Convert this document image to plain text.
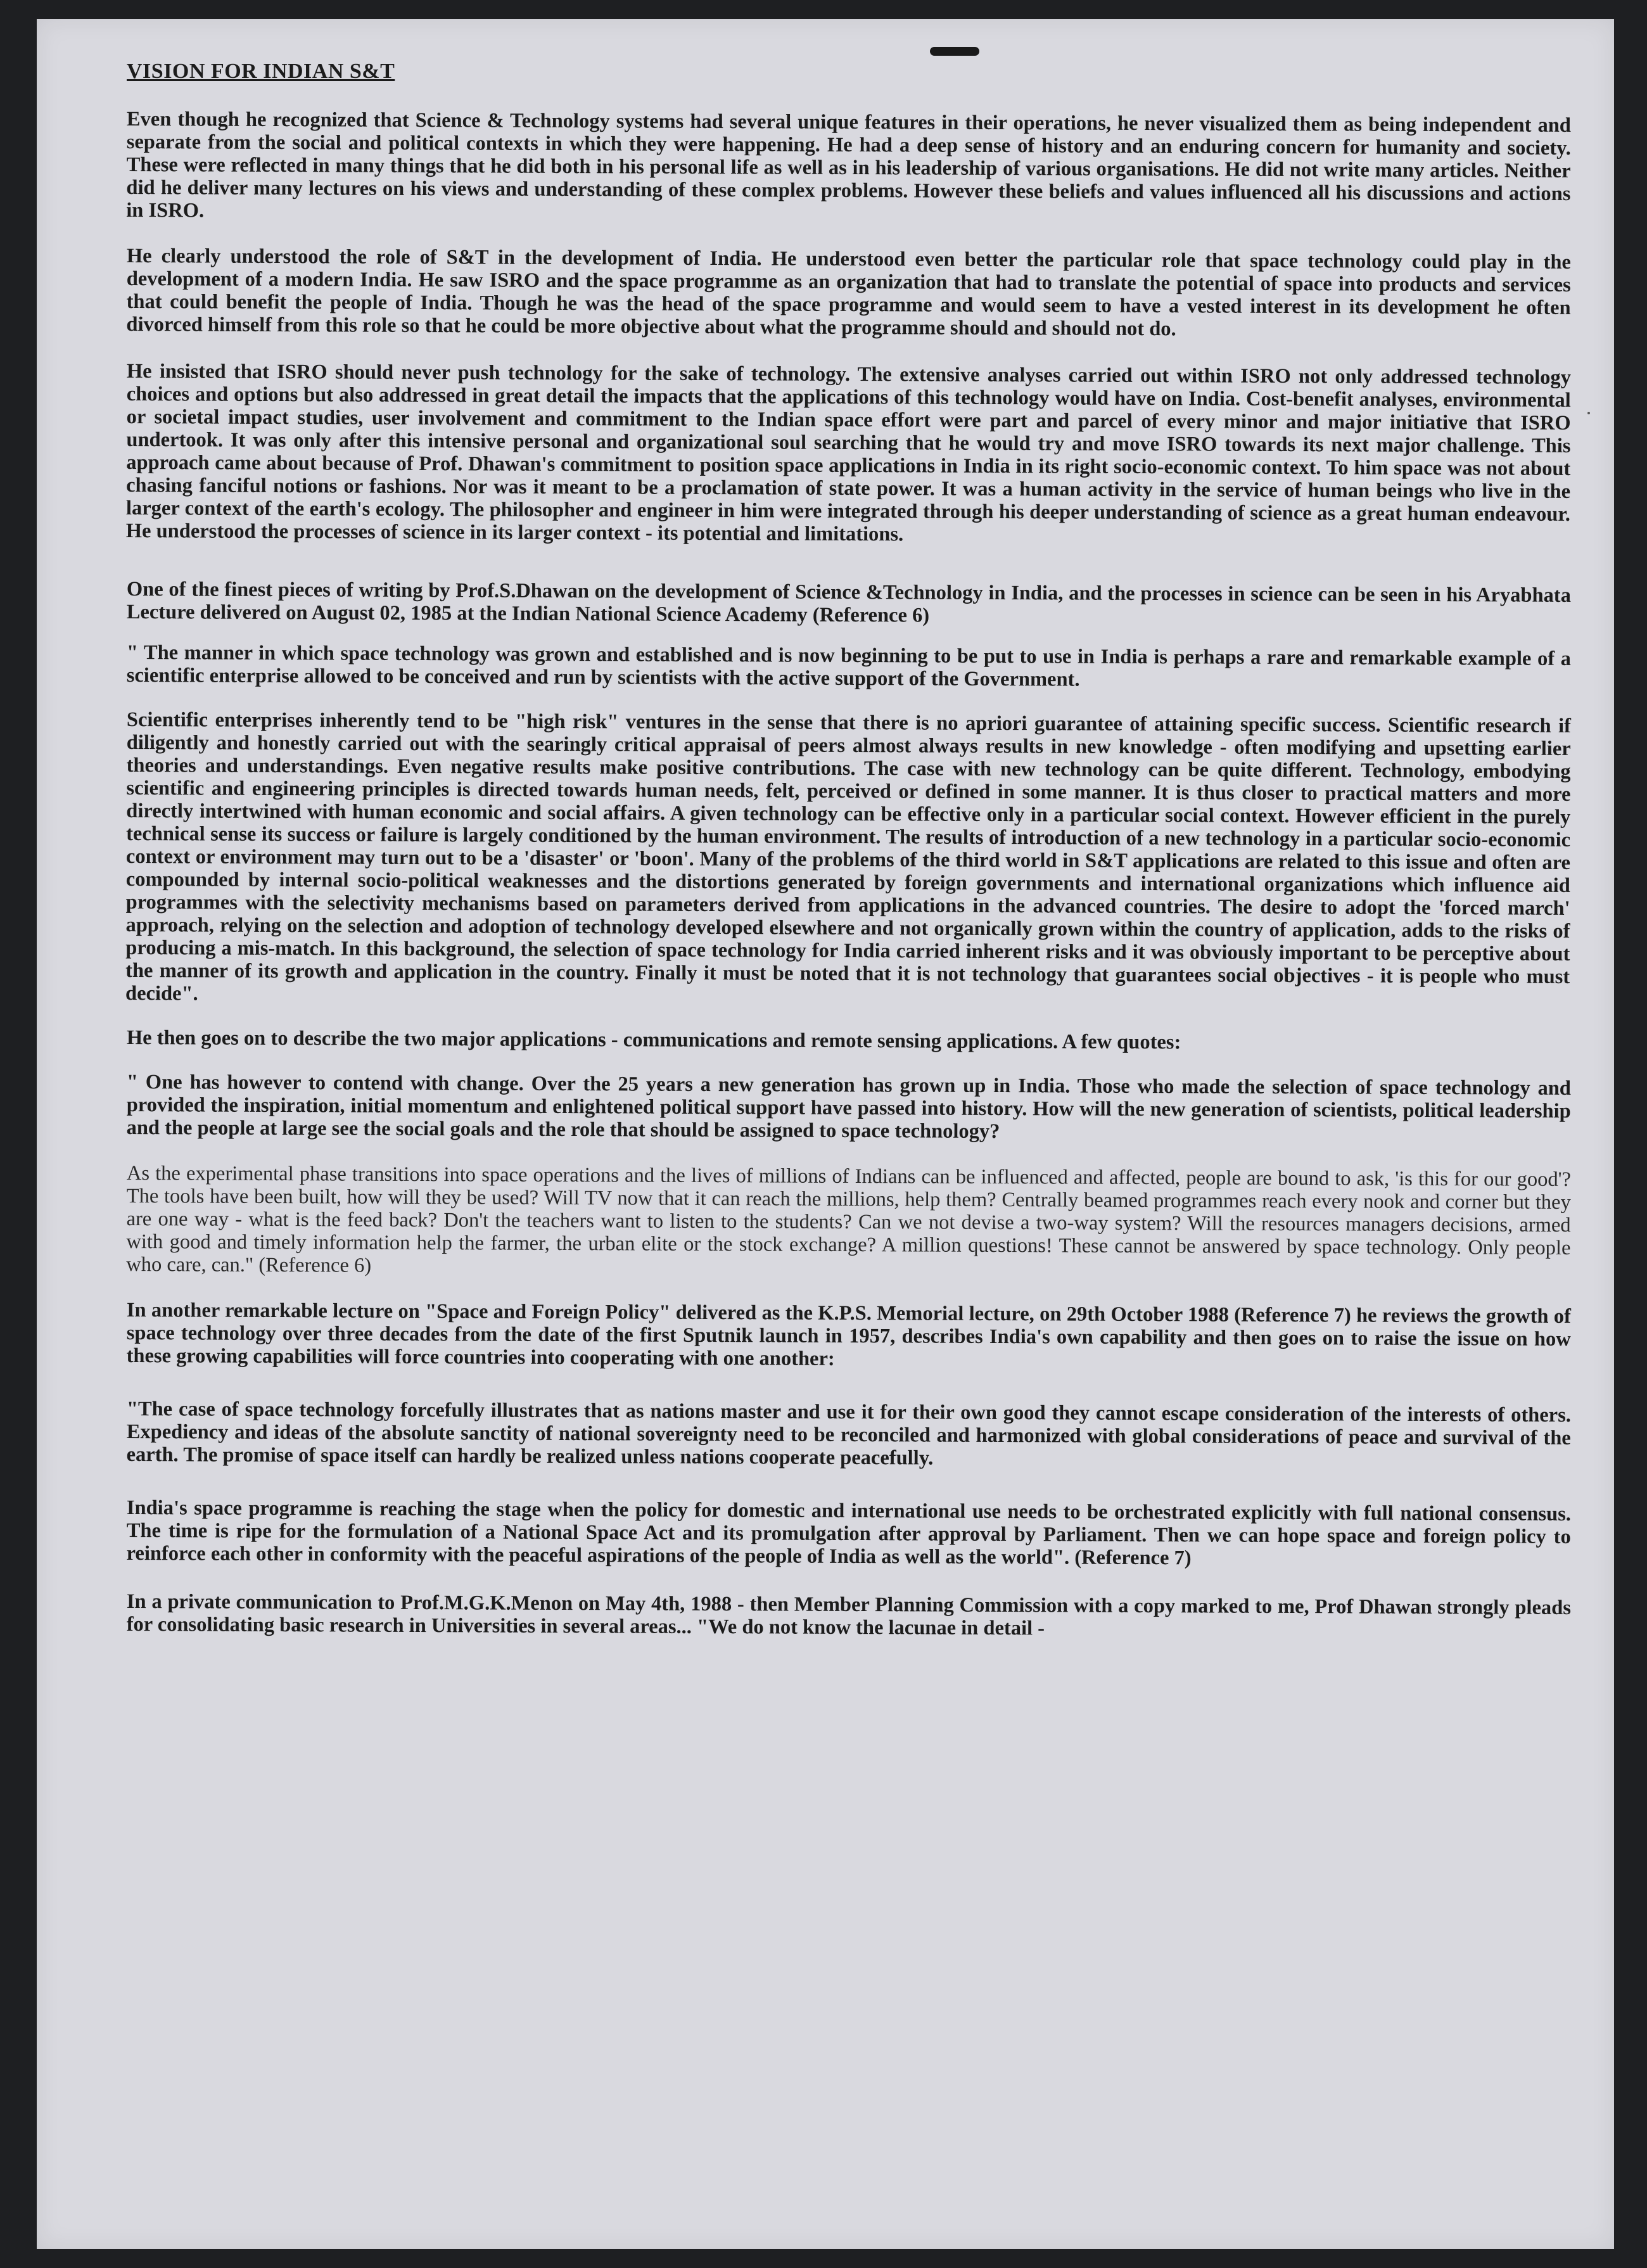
VISION FOR INDIAN S&T

Even though he recognized that Science & Technology systems had several unique features in their operations, he never visualized them as being independent and separate from the social and political contexts in which they were happening. He had a deep sense of history and an enduring concern for humanity and society. These were reflected in many things that he did both in his personal life as well as in his leadership of various organisations. He did not write many articles. Neither did he deliver many lectures on his views and understanding of these complex problems. However these beliefs and values influenced all his discussions and actions in ISRO.

He clearly understood the role of S&T in the development of India. He understood even better the particular role that space technology could play in the development of a modern India. He saw ISRO and the space programme as an organization that had to translate the potential of space into products and services that could benefit the people of India. Though he was the head of the space programme and would seem to have a vested interest in its development he often divorced himself from this role so that he could be more objective about what the programme should and should not do.

He insisted that ISRO should never push technology for the sake of technology. The extensive analyses carried out within ISRO not only addressed technology choices and options but also addressed in great detail the impacts that the applications of this technology would have on India. Cost-benefit analyses, environmental or societal impact studies, user involvement and commitment to the Indian space effort were part and parcel of every minor and major initiative that ISRO undertook. It was only after this intensive personal and organizational soul searching that he would try and move ISRO towards its next major challenge. This approach came about because of Prof. Dhawan's commitment to position space applications in India in its right socio-economic context. To him space was not about chasing fanciful notions or fashions. Nor was it meant to be a proclamation of state power. It was a human activity in the service of human beings who live in the larger context of the earth's ecology. The philosopher and engineer in him were integrated through his deeper understanding of science as a great human endeavour. He understood the processes of science in its larger context - its potential and limitations.

One of the finest pieces of writing by Prof.S.Dhawan on the development of Science &Technology in India, and the processes in science can be seen in his Aryabhata Lecture delivered on August 02, 1985 at the Indian National Science Academy (Reference 6)

" The manner in which space technology was grown and established and is now beginning to be put to use in India is perhaps a rare and remarkable example of a scientific enterprise allowed to be conceived and run by scientists with the active support of the Government.

Scientific enterprises inherently tend to be "high risk" ventures in the sense that there is no apriori guarantee of attaining specific success. Scientific research if diligently and honestly carried out with the searingly critical appraisal of peers almost always results in new knowledge - often modifying and upsetting earlier theories and understandings. Even negative results make positive contributions. The case with new technology can be quite different. Technology, embodying scientific and engineering principles is directed towards human needs, felt, perceived or defined in some manner. It is thus closer to practical matters and more directly intertwined with human economic and social affairs. A given technology can be effective only in a particular social context. However efficient in the purely technical sense its success or failure is largely conditioned by the human environment. The results of introduction of a new technology in a particular socio-economic context or environment may turn out to be a 'disaster' or 'boon'. Many of the problems of the third world in S&T applications are related to this issue and often are compounded by internal socio-political weaknesses and the distortions generated by foreign governments and international organizations which influence aid programmes with the selectivity mechanisms based on parameters derived from applications in the advanced countries. The desire to adopt the 'forced march' approach, relying on the selection and adoption of technology developed elsewhere and not organically grown within the country of application, adds to the risks of producing a mis-match. In this background, the selection of space technology for India carried inherent risks and it was obviously important to be perceptive about the manner of its growth and application in the country. Finally it must be noted that it is not technology that guarantees social objectives - it is people who must decide".

He then goes on to describe the two major applications - communications and remote sensing applications. A few quotes:

" One has however to contend with change. Over the 25 years a new generation has grown up in India. Those who made the selection of space technology and provided the inspiration, initial momentum and enlightened political support have passed into history. How will the new generation of scientists, political leadership and the people at large see the social goals and the role that should be assigned to space technology?

As the experimental phase transitions into space operations and the lives of millions of Indians can be influenced and affected, people are bound to ask, 'is this for our good'? The tools have been built, how will they be used? Will TV now that it can reach the millions, help them? Centrally beamed programmes reach every nook and corner but they are one way - what is the feed back? Don't the teachers want to listen to the students? Can we not devise a two-way system? Will the resources managers decisions, armed with good and timely information help the farmer, the urban elite or the stock exchange? A million questions! These cannot be answered by space technology. Only people who care, can." (Reference 6)

In another remarkable lecture on "Space and Foreign Policy" delivered as the K.P.S. Memorial lecture, on 29th October 1988 (Reference 7) he reviews the growth of space technology over three decades from the date of the first Sputnik launch in 1957, describes India's own capability and then goes on to raise the issue on how these growing capabilities will force countries into cooperating with one another:

"The case of space technology forcefully illustrates that as nations master and use it for their own good they cannot escape consideration of the interests of others. Expediency and ideas of the absolute sanctity of national sovereignty need to be reconciled and harmonized with global considerations of peace and survival of the earth. The promise of space itself can hardly be realized unless nations cooperate peacefully.

India's space programme is reaching the stage when the policy for domestic and international use needs to be orchestrated explicitly with full national consensus. The time is ripe for the formulation of a National Space Act and its promulgation after approval by Parliament. Then we can hope space and foreign policy to reinforce each other in conformity with the peaceful aspirations of the people of India as well as the world". (Reference 7)

In a private communication to Prof.M.G.K.Menon on May 4th, 1988 - then Member Planning Commission with a copy marked to me, Prof Dhawan strongly pleads for consolidating basic research in Universities in several areas... "We do not know the lacunae in detail -
